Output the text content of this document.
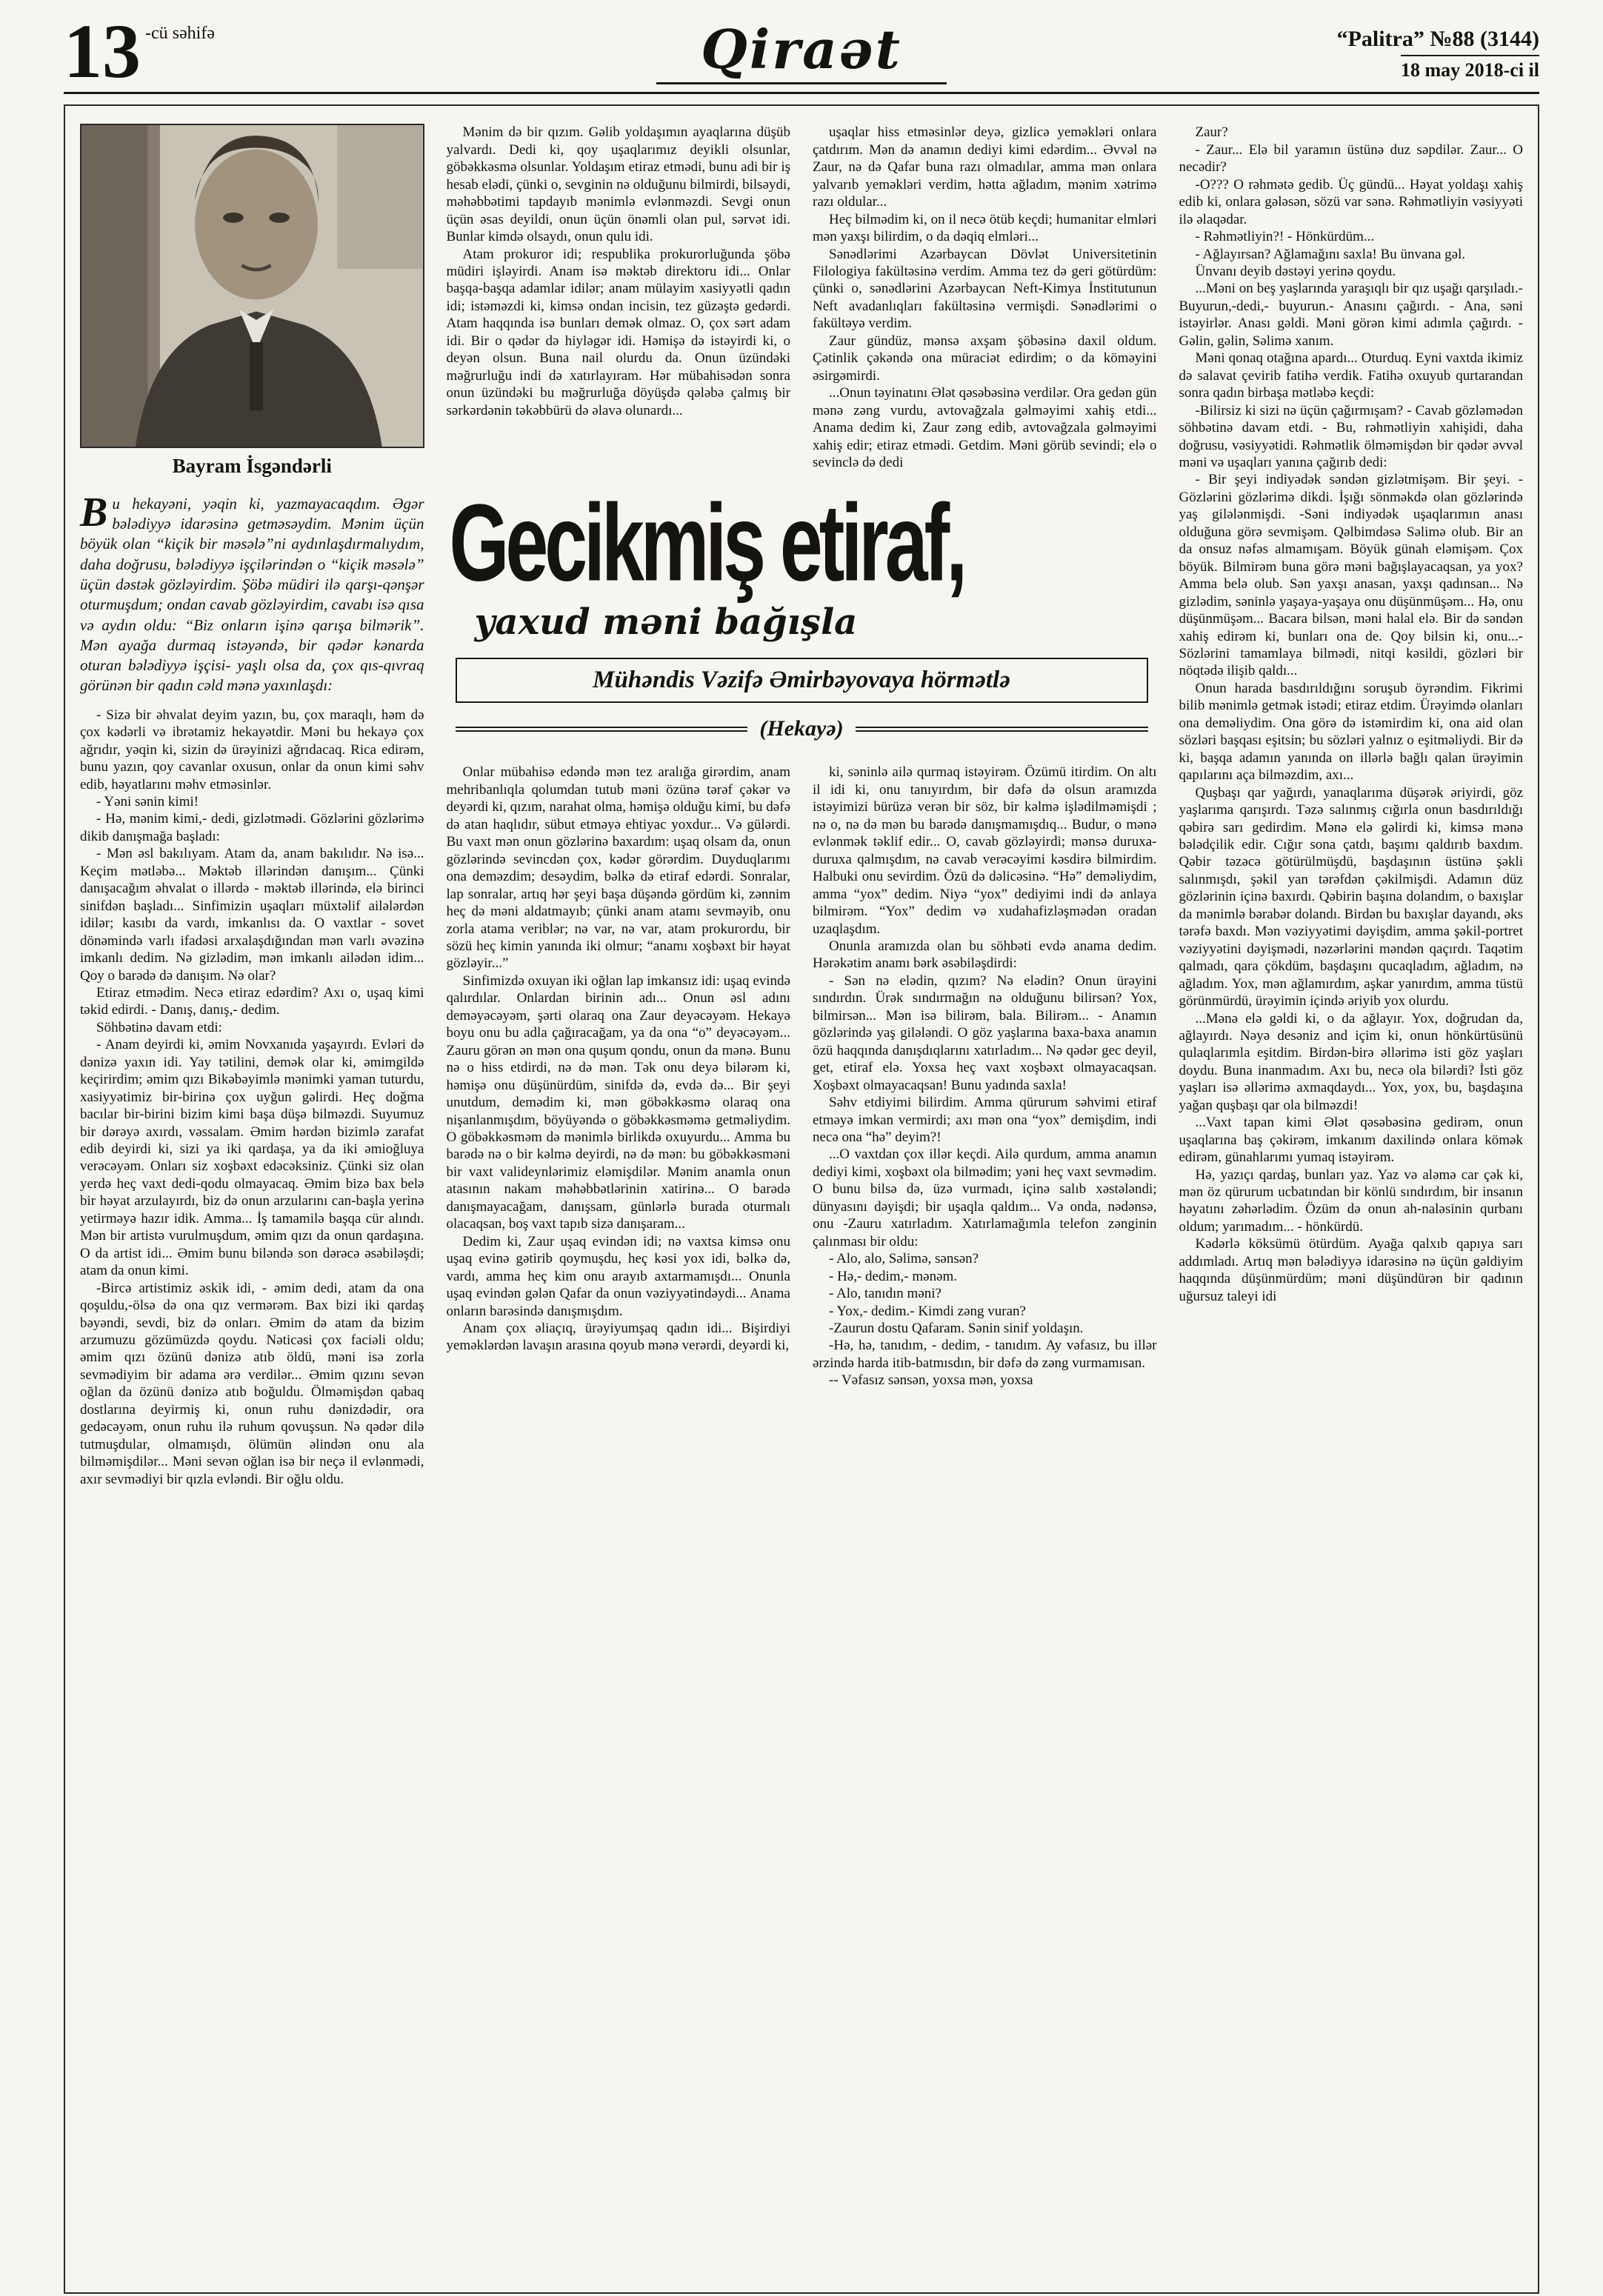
13 -cü səhifə	Qiraət	“Palitra” №88 (3144)
18 may 2018-ci il
Bayram İsgəndərli

Bu hekayəni, yəqin ki, yazmayacaqdım. Əgər bələdiyyə idarəsinə getməsəydim. Mənim üçün böyük olan “kiçik bir məsələ”ni aydınlaşdırmalıydım, daha doğrusu, bələdiyyə işçilərindən o “kiçik məsələ” üçün dəstək gözləyirdim. Şöbə müdiri ilə qarşı-qənşər oturmuşdum; ondan cavab gözləyirdim, cavabı isə qısa və aydın oldu: “Biz onların işinə qarışa bilmərik”. Mən ayağa durmaq istəyəndə, bir qədər kənarda oturan bələdiyyə işçisi- yaşlı olsa da, çox qıs-qıvraq görünən bir qadın cəld mənə yaxınlaşdı:

- Sizə bir əhvalat deyim yazın, bu, çox maraqlı, həm də çox kədərli və ibrətamiz hekayətdir. Məni bu hekayə çox ağrıdır, yəqin ki, sizin də ürəyinizi ağrıdacaq. Rica edirəm, bunu yazın, qoy cavanlar oxusun, onlar da onun kimi səhv edib, həyatlarını məhv etməsinlər.

- Yəni sənin kimi!

- Hə, mənim kimi,- dedi, gizlətmədi. Gözlərini gözlərimə dikib danışmağa başladı:

- Mən əsl bakılıyam. Atam da, anam bakılıdır. Nə isə... Keçim mətləbə... Məktəb illərindən danışım... Çünki danışacağım əhvalat o illərdə - məktəb illərində, elə birinci sinifdən başladı... Sinfimizin uşaqları müxtəlif ailələrdən idilər; kasıbı da vardı, imkanlısı da. O vaxtlar - sovet dönəmində varlı ifadəsi arxalaşdığından mən varlı əvəzinə imkanlı dedim. Nə gizlədim, mən imkanlı ailədən idim... Qoy o barədə də danışım. Nə olar?

Etiraz etmədim. Necə etiraz edərdim? Axı o, uşaq kimi təkid edirdi. - Danış, danış,- dedim.

Söhbətinə davam etdi:

- Anam deyirdi ki, əmim Novxanıda yaşayırdı. Evləri də dənizə yaxın idi. Yay tətilini, demək olar ki, əmimgildə keçirirdim; əmim qızı Bikəbəyimlə mənimki yaman tuturdu, xasiyyətimiz bir-birinə çox uyğun gəlirdi. Heç doğma bacılar bir-birini bizim kimi başa düşə bilməzdi. Suyumuz bir dərəyə axırdı, vəssalam. Əmim hərdən bizimlə zarafat edib deyirdi ki, sizi ya iki qardaşa, ya da iki əmioğluya verəcəyəm. Onları siz xoşbəxt edəcəksiniz. Çünki siz olan yerdə heç vaxt dedi-qodu olmayacaq. Əmim bizə bax belə bir həyat arzulayırdı, biz də onun arzularını can-başla yerinə yetirməyə hazır idik. Amma... İş tamamilə başqa cür alındı. Mən bir artistə vurulmuşdum, əmim qızı da onun qardaşına. O da artist idi... Əmim bunu biləndə son dərəcə əsəbiləşdi; atam da onun kimi.

-Bircə artistimiz əskik idi, - əmim dedi, atam da ona qoşuldu,-ölsə də ona qız vermərəm. Bax bizi iki qardaş bəyəndi, sevdi, biz də onları. Əmim də atam da bizim arzumuzu gözümüzdə qoydu. Nəticəsi çox faciəli oldu; əmim qızı özünü dənizə atıb öldü, məni isə zorla sevmədiyim bir adama ərə verdilər... Əmim qızını sevən oğlan da özünü dənizə atıb boğuldu. Ölməmişdən qabaq dostlarına deyirmiş ki, onun ruhu dənizdədir, ora gedəcəyəm, onun ruhu ilə ruhum qovuşsun. Nə qədər dilə tutmuşdular, olmamışdı, ölümün əlindən onu ala bilməmişdilər... Məni sevən oğlan isə bir neçə il evlənmədi, axır sevmədiyi bir qızla evləndi. Bir oğlu oldu.

Mənim də bir qızım. Gəlib yoldaşımın ayaqlarına düşüb yalvardı. Dedi ki, qoy uşaqlarımız deyikli olsunlar, göbəkkəsmə olsunlar. Yoldaşım etiraz etmədi, bunu adi bir iş hesab elədi, çünki o, sevginin nə olduğunu bilmirdi, bilsəydi, məhəbbətimi tapdayıb mənimlə evlənməzdi. Sevgi onun üçün əsas deyildi, onun üçün önəmli olan pul, sərvət idi. Bunlar kimdə olsaydı, onun qulu idi.

Atam prokuror idi; respublika prokurorluğunda şöbə müdiri işləyirdi. Anam isə məktəb direktoru idi... Onlar başqa-başqa adamlar idilər; anam mülayim xasiyyətli qadın idi; istəməzdi ki, kimsə ondan incisin, tez güzəştə gedərdi. Atam haqqında isə bunları demək olmaz. O, çox sərt adam idi. Bir o qədər də hiyləgər idi. Həmişə də istəyirdi ki, o deyən olsun. Buna nail olurdu da. Onun üzündəki məğrurluğu indi də xatırlayıram. Hər mübahisədən sonra onun üzündəki bu məğrurluğa döyüşdə qələbə çalmış bir sərkərdənin təkəbbürü də əlavə olunardı...

uşaqlar hiss etməsinlər deyə, gizlicə yeməkləri onlara çatdırım. Mən də anamın dediyi kimi edərdim... Əvvəl nə Zaur, nə də Qafar buna razı olmadılar, amma mən onlara yalvarıb yeməkləri verdim, hətta ağladım, mənim xətrimə razı oldular...

Heç bilmədim ki, on il necə ötüb keçdi; humanitar elmləri mən yaxşı bilirdim, o da dəqiq elmləri...

Sənədlərimi Azərbaycan Dövlət Universitetinin Filologiya fakültəsinə verdim. Amma tez də geri götürdüm: çünki o, sənədlərini Azərbaycan Neft-Kimya İnstitutunun Neft avadanlıqları fakültəsinə vermişdi. Sənədlərimi o fakültəyə verdim.

Zaur gündüz, mənsə axşam şöbəsinə daxil oldum. Çətinlik çəkəndə ona müraciət edirdim; o da köməyini əsirgəmirdi.

...Onun təyinatını Ələt qəsəbəsinə verdilər. Ora gedən gün mənə zəng vurdu, avtovağzala gəlməyimi xahiş etdi... Anama dedim ki, Zaur zəng edib, avtovağzala gəlməyimi xahiş edir; etiraz etmədi. Getdim. Məni görüb sevindi; elə o sevinclə də dedi

Gecikmiş etiraf,
yaxud məni bağışla
Mühəndis Vəzifə Əmirbəyovaya hörmətlə
(Hekayə)

Onlar mübahisə edəndə mən tez aralığa girərdim, anam mehribanlıqla qolumdan tutub məni özünə tərəf çəkər və deyərdi ki, qızım, narahat olma, həmişə olduğu kimi, bu dəfə də atan haqlıdır, sübut etməyə ehtiyac yoxdur... Və gülərdi. Bu vaxt mən onun gözlərinə baxardım: uşaq olsam da, onun gözlərində sevincdən çox, kədər görərdim. Duyduqlarımı ona deməzdim; desəydim, bəlkə də etiraf edərdi. Sonralar, lap sonralar, artıq hər şeyi başa düşəndə gördüm ki, zənnim heç də məni aldatmayıb; çünki anam atamı sevməyib, onu zorla atama veriblər; nə var, nə var, atam prokurordu, bir sözü heç kimin yanında iki olmur; “anamı xoşbəxt bir həyat gözləyir...”

Sinfimizdə oxuyan iki oğlan lap imkansız idi: uşaq evində qalırdılar. Onlardan birinin adı... Onun əsl adını deməyəcəyəm, şərti olaraq ona Zaur deyəcəyəm. Hekayə boyu onu bu adla çağıracağam, ya da ona “o” deyəcəyəm... Zauru görən ən mən ona quşum qondu, onun da mənə. Bunu nə o hiss etdirdi, nə də mən. Tək onu deyə bilərəm ki, həmişə onu düşünürdüm, sinifdə də, evdə də... Bir şeyi unutdum, demədim ki, mən göbəkkəsmə olaraq ona nişanlanmışdım, böyüyəndə o göbəkkəsməmə getməliydim. O göbəkkəsməm də mənimlə birlikdə oxuyurdu... Amma bu barədə nə o bir kəlmə deyirdi, nə də mən: bu göbəkkəsməni bir vaxt valideynlərimiz eləmişdilər. Mənim anamla onun atasının nakam məhəbbətlərinin xatirinə... O barədə danışmayacağam, danışsam, günlərlə burada oturmalı olacaqsan, boş vaxt tapıb sizə danışaram...

Dedim ki, Zaur uşaq evindən idi; nə vaxtsa kimsə onu uşaq evinə gətirib qoymuşdu, heç kəsi yox idi, bəlkə də, vardı, amma heç kim onu arayıb axtarmamışdı... Onunla uşaq evindən gələn Qafar da onun vəziyyətindəydi... Anama onların barəsində danışmışdım.

Anam çox əliaçıq, ürəyiyumşaq qadın idi... Bişirdiyi yeməklərdən lavaşın arasına qoyub mənə verərdi, deyərdi ki,

ki, səninlə ailə qurmaq istəyirəm. Özümü itirdim. On altı il idi ki, onu tanıyırdım, bir dəfə də olsun aramızda istəyimizi bürüzə verən bir söz, bir kəlmə işlədilməmişdi ; nə o, nə də mən bu barədə danışmamışdıq... Budur, o mənə evlənmək təklif edir... O, cavab gözləyirdi; mənsə duruxa-duruxa qalmışdım, nə cavab verəcəyimi kəsdirə bilmirdim. Halbuki onu sevirdim. Özü də dəlicəsinə. “Hə” deməliydim, amma “yox” dedim. Niyə “yox” dediyimi indi də anlaya bilmirəm. “Yox” dedim və xudahafizləşmədən oradan uzaqlaşdım.

Onunla aramızda olan bu söhbəti evdə anama dedim. Hərəkətim anamı bərk əsəbiləşdirdi:

- Sən nə elədin, qızım? Nə elədin? Onun ürəyini sındırdın. Ürək sındırmağın nə olduğunu bilirsən? Yox, bilmirsən... Mən isə bilirəm, bala. Bilirəm... - Anamın gözlərində yaş gilələndi. O göz yaşlarına baxa-baxa anamın özü haqqında danışdıqlarını xatırladım... Nə qədər gec deyil, get, etiraf elə. Yoxsa heç vaxt xoşbəxt olmayacaqsan. Xoşbəxt olmayacaqsan! Bunu yadında saxla!

Səhv etdiyimi bilirdim. Amma qürurum səhvimi etiraf etməyə imkan vermirdi; axı mən ona “yox” demişdim, indi necə ona “hə” deyim?!

...O vaxtdan çox illər keçdi. Ailə qurdum, amma anamın dediyi kimi, xoşbəxt ola bilmədim; yəni heç vaxt sevmədim. O bunu bilsə də, üzə vurmadı, içinə salıb xəstələndi; dünyasını dəyişdi; bir uşaqla qaldım... Və onda, nədənsə, onu -Zauru xatırladım. Xatırlamağımla telefon zənginin çalınması bir oldu:

- Alo, alo, Səlimə, sənsən?

- Hə,- dedim,- mənəm.

- Alo, tanıdın məni?

- Yox,- dedim.- Kimdi zəng vuran?

-Zaurun dostu Qafaram. Sənin sinif yoldaşın.

-Hə, hə, tanıdım, - dedim, - tanıdım. Ay vəfasız, bu illər ərzində harda itib-batmısdın, bir dəfə də zəng vurmamısan.

-- Vəfasız sənsən, yoxsa mən, yoxsa

Zaur?

- Zaur... Elə bil yaramın üstünə duz səpdilər. Zaur... O necədir?

-O??? O rəhmətə gedib. Üç gündü... Həyat yoldaşı xahiş edib ki, onlara gələsən, sözü var sənə. Rəhmətliyin vəsiyyəti ilə əlaqədar.

- Rəhmətliyin?! - Hönkürdüm...

- Ağlayırsan? Ağlamağını saxla! Bu ünvana gəl.

Ünvanı deyib dəstəyi yerinə qoydu.

...Məni on beş yaşlarında yaraşıqlı bir qız uşağı qarşıladı.- Buyurun,-dedi,- buyurun.- Anasını çağırdı. - Ana, səni istəyirlər. Anası gəldi. Məni görən kimi adımla çağırdı. - Gəlin, gəlin, Səlimə xanım.

Məni qonaq otağına apardı... Oturduq. Eyni vaxtda ikimiz də salavat çevirib fatihə verdik. Fatihə oxuyub qurtarandan sonra qadın birbaşa mətləbə keçdi:

-Bilirsiz ki sizi nə üçün çağırmışam? - Cavab gözləmədən söhbətinə davam etdi. - Bu, rəhmətliyin xahişidi, daha doğrusu, vəsiyyətidi. Rəhmətlik ölməmişdən bir qədər əvvəl məni və uşaqları yanına çağırıb dedi:

- Bir şeyi indiyədək səndən gizlətmişəm. Bir şeyi. - Gözlərini gözlərimə dikdi. İşığı sönməkdə olan gözlərində yaş gilələnmişdi. -Səni indiyədək uşaqlarımın anası olduğuna görə sevmişəm. Qəlbimdəsə Səlimə olub. Bir an da onsuz nəfəs almamışam. Böyük günah eləmişəm. Çox böyük. Bilmirəm buna görə məni bağışlayacaqsan, ya yox? Amma belə olub. Sən yaxşı anasan, yaxşı qadınsan... Nə gizlədim, səninlə yaşaya-yaşaya onu düşünmüşəm... Hə, onu düşünmüşəm... Bacara bilsən, məni halal elə. Bir də səndən xahiş edirəm ki, bunları ona de. Qoy bilsin ki, onu...- Sözlərini tamamlaya bilmədi, nitqi kəsildi, gözləri bir nöqtədə ilişib qaldı...

Onun harada basdırıldığını soruşub öyrəndim. Fikrimi bilib mənimlə getmək istədi; etiraz etdim. Ürəyimdə olanları ona deməliydim. Ona görə də istəmirdim ki, ona aid olan sözləri başqası eşitsin; bu sözləri yalnız o eşitməliydi. Bir də ki, başqa adamın yanında on illərlə bağlı qalan ürəyimin qapılarını aça bilməzdim, axı...

Quşbaşı qar yağırdı, yanaqlarıma düşərək əriyirdi, göz yaşlarıma qarışırdı. Təzə salınmış cığırla onun basdırıldığı qəbirə sarı gedirdim. Mənə elə gəlirdi ki, kimsə mənə bələdçilik edir. Cığır sona çatdı, başımı qaldırıb baxdım. Qəbir təzəcə götürülmüşdü, başdaşının üstünə şəkli salınmışdı, şəkil yan tərəfdən çəkilmişdi. Adamın düz gözlərinin içinə baxırdı. Qəbirin başına dolandım, o baxışlar da mənimlə bərabər dolandı. Birdən bu baxışlar dayandı, əks tərəfə baxdı. Mən vəziyyətimi dəyişdim, amma şəkil-portret vəziyyətini dəyişmədi, nəzərlərini məndən qaçırdı. Taqətim qalmadı, qara çökdüm, başdaşını qucaqladım, ağladım, nə ağladım. Yox, mən ağlamırdım, aşkar yanırdım, amma tüstü görünmürdü, ürəyimin içində əriyib yox olurdu.

...Mənə elə gəldi ki, o da ağlayır. Yox, doğrudan da, ağlayırdı. Nəyə desəniz and içim ki, onun hönkürtüsünü qulaqlarımla eşitdim. Birdən-birə əllərimə isti göz yaşları doydu. Buna inanmadım. Axı bu, necə ola bilərdi? İsti göz yaşları isə əllərimə axmaqdaydı... Yox, yox, bu, başdaşına yağan quşbaşı qar ola bilməzdi!

...Vaxt tapan kimi Ələt qəsəbəsinə gedirəm, onun uşaqlarına baş çəkirəm, imkanım daxilində onlara kömək edirəm, günahlarımı yumaq istəyirəm.

Hə, yazıçı qardaş, bunları yaz. Yaz və aləmə car çək ki, mən öz qürurum ucbatından bir könlü sındırdım, bir insanın həyatını zəhərlədim. Özüm də onun ah-naləsinin qurbanı oldum; yarımadım... - hönkürdü.

Kədərlə köksümü ötürdüm. Ayağa qalxıb qapıya sarı addımladı. Artıq mən bələdiyyə idarəsinə nə üçün gəldiyim haqqında düşünmürdüm; məni düşündürən bir qadının uğursuz taleyi idi
